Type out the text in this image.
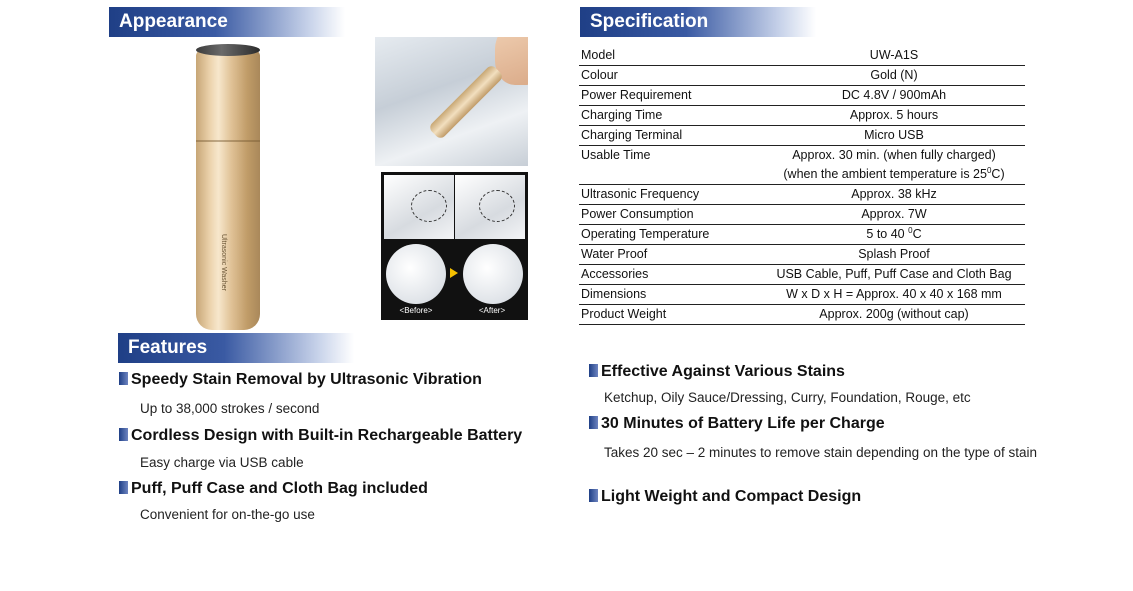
Appearance	Specification
Features
Ultrasonic Washer
<Before>	<After>
Model	UW-A1S
Colour	Gold (N)
Power Requirement	DC 4.8V / 900mAh
Charging Time	Approx. 5 hours
Charging Terminal	Micro USB
Usable Time	Approx. 30 min. (when fully charged)
(when the ambient temperature is $25^0C$)

Ultrasonic Frequency	Approx. 38 kHz
Power Consumption	Approx. 7W
Operating Temperature	5 to 40 $^0$C
Water Proof	Splash Proof
Accessories	USB Cable, Puff, Puff Case and Cloth Bag
Dimensions	W x D x H = Approx. 40 x 40 x 168 mm
Product Weight	Approx. 200g (without cap)
Speedy Stain Removal by Ultrasonic Vibration
Up to 38,000 strokes / second
Cordless Design with Built-in Rechargeable Battery
Easy charge via USB cable
Puff, Puff Case and Cloth Bag included
Convenient for on-the-go use
Effective Against Various Stains
Ketchup, Oily Sauce/Dressing, Curry, Foundation, Rouge, etc
30 Minutes of Battery Life per Charge
Takes 20 sec – 2 minutes to remove stain depending on the type of stain
Light Weight and Compact Design
